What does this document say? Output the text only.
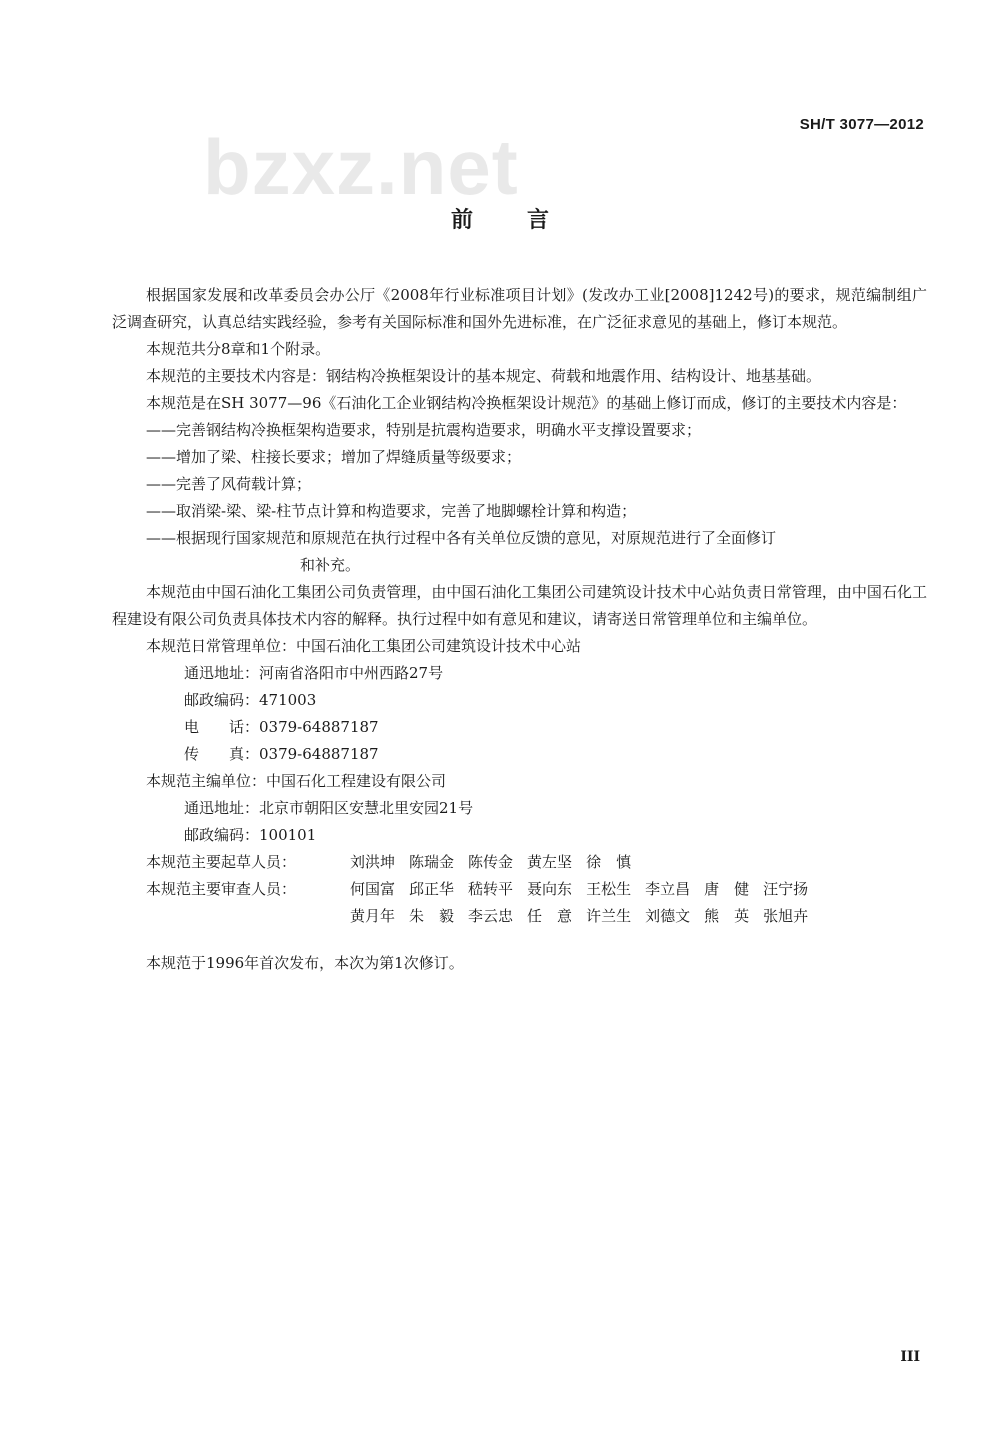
SH/T 3077—2012
bzxz.net
前 言

根据国家发展和改革委员会办公厅《2008年行业标准项目计划》(发改办工业[2008]1242号)的要求，规范编制组广泛调查研究，认真总结实践经验，参考有关国际标准和国外先进标准，在广泛征求意见的基础上，修订本规范。

本规范共分8章和1个附录。

本规范的主要技术内容是：钢结构冷换框架设计的基本规定、荷载和地震作用、结构设计、地基基础。

本规范是在SH 3077—96《石油化工企业钢结构冷换框架设计规范》的基础上修订而成，修订的主要技术内容是：

——完善钢结构冷换框架构造要求，特别是抗震构造要求，明确水平支撑设置要求；

——增加了梁、柱接长要求；增加了焊缝质量等级要求；

——完善了风荷载计算；

——取消梁-梁、梁-柱节点计算和构造要求，完善了地脚螺栓计算和构造；

——根据现行国家规范和原规范在执行过程中各有关单位反馈的意见，对原规范进行了全面修订

和补充。

本规范由中国石油化工集团公司负责管理，由中国石油化工集团公司建筑设计技术中心站负责日常管理，由中国石化工程建设有限公司负责具体技术内容的解释。执行过程中如有意见和建议，请寄送日常管理单位和主编单位。

本规范日常管理单位：中国石油化工集团公司建筑设计技术中心站

通迅地址：河南省洛阳市中州西路27号

邮政编码：471003

电　　话：0379-64887187

传　　真：0379-64887187

本规范主编单位：中国石化工程建设有限公司

通迅地址：北京市朝阳区安慧北里安园21号

邮政编码：100101

本规范主要起草人员：	刘洪坤 陈瑞金 陈传金 黄左坚 徐　慎
本规范主要审查人员：	何国富 邱正华 嵇转平 聂向东 王松生 李立昌 唐　健 汪宁扬
黄月年 朱　毅 李云忠 任　意 许兰生 刘德文 熊　英 张旭卉

本规范于1996年首次发布，本次为第1次修订。

III
